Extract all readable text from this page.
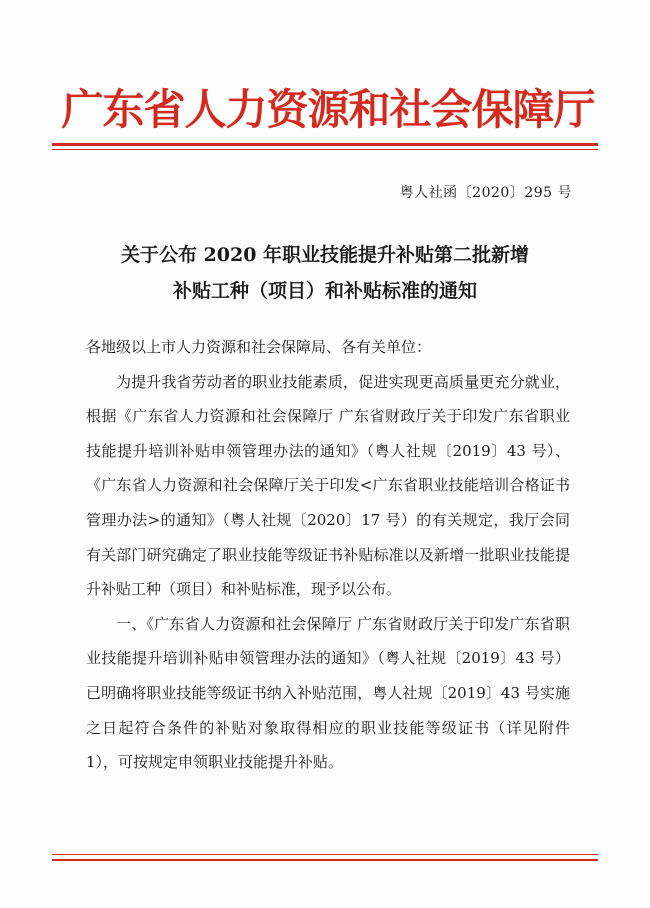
广东省人力资源和社会保障厅
粤人社函〔2020〕295 号
关于公布 2020 年职业技能提升补贴第二批新增
补贴工种（项目）和补贴标准的通知

各地级以上市人力资源和社会保障局、各有关单位：

为提升我省劳动者的职业技能素质，促进实现更高质量更充分就业，根据《广东省人力资源和社会保障厅 广东省财政厅关于印发广东省职业技能提升培训补贴申领管理办法的通知》（粤人社规〔2019〕43 号）、《广东省人力资源和社会保障厅关于印发<广东省职业技能培训合格证书管理办法>的通知》（粤人社规〔2020〕17 号）的有关规定，我厅会同有关部门研究确定了职业技能等级证书补贴标准以及新增一批职业技能提升补贴工种（项目）和补贴标准，现予以公布。

一、《广东省人力资源和社会保障厅 广东省财政厅关于印发广东省职业技能提升培训补贴申领管理办法的通知》（粤人社规〔2019〕43 号）已明确将职业技能等级证书纳入补贴范围，粤人社规〔2019〕43 号实施之日起符合条件的补贴对象取得相应的职业技能等级证书（详见附件 1），可按规定申领职业技能提升补贴。
